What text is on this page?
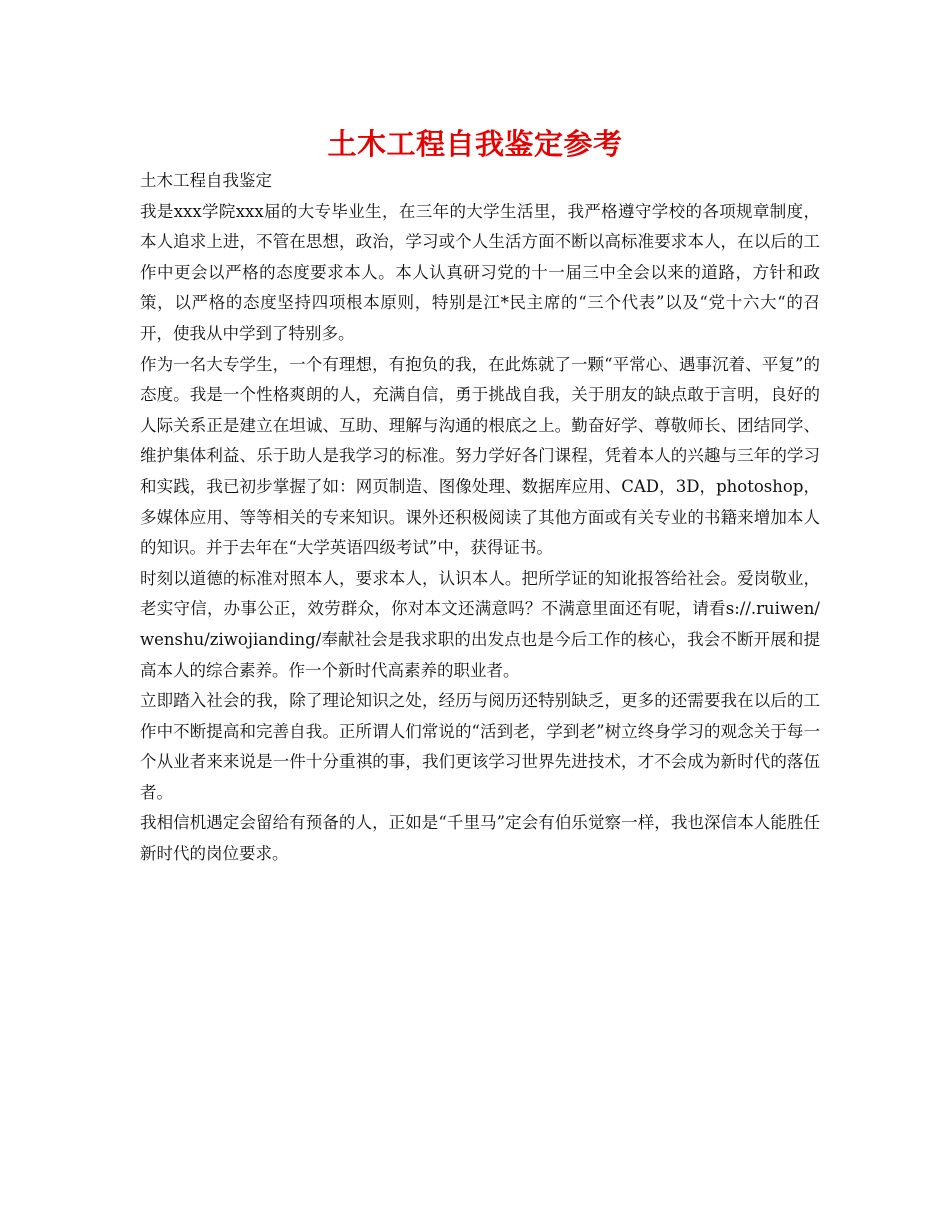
土木工程自我鉴定参考

土木工程自我鉴定

我是xxx学院xxx届的大专毕业生，在三年的大学生活里，我严格遵守学校的各项规章制度，本人追求上进，不管在思想，政治，学习或个人生活方面不断以高标准要求本人，在以后的工作中更会以严格的态度要求本人。本人认真研习党的十一届三中全会以来的道路，方针和政策，以严格的态度坚持四项根本原则，特别是江*民主席的“三个代表”以及“党十六大“的召开，使我从中学到了特别多。

作为一名大专学生，一个有理想，有抱负的我，在此炼就了一颗“平常心、遇事沉着、平复”的态度。我是一个性格爽朗的人，充满自信，勇于挑战自我，关于朋友的缺点敢于言明，良好的人际关系正是建立在坦诚、互助、理解与沟通的根底之上。勤奋好学、尊敬师长、团结同学、维护集体利益、乐于助人是我学习的标准。努力学好各门课程，凭着本人的兴趣与三年的学习和实践，我已初步掌握了如：网页制造、图像处理、数据库应用、CAD，3D，photoshop，多媒体应用、等等相关的专来知识。课外还积极阅读了其他方面或有关专业的书籍来增加本人的知识。并于去年在“大学英语四级考试”中，获得证书。

时刻以道德的标准对照本人，要求本人，认识本人。把所学证的知讹报答给社会。爱岗敬业，老实守信，办事公正，效劳群众，你对本文还满意吗？不满意里面还有呢，请看s://.ruiwen/wenshu/ziwojianding/奉献社会是我求职的出发点也是今后工作的核心，我会不断开展和提高本人的综合素养。作一个新时代高素养的职业者。

立即踏入社会的我，除了理论知识之处，经历与阅历还特别缺乏，更多的还需要我在以后的工作中不断提高和完善自我。正所谓人们常说的“活到老，学到老”树立终身学习的观念关于每一个从业者来来说是一件十分重祺的事，我们更该学习世界先进技术，才不会成为新时代的落伍者。

我相信机遇定会留给有预备的人，正如是“千里马”定会有伯乐觉察一样，我也深信本人能胜任新时代的岗位要求。
